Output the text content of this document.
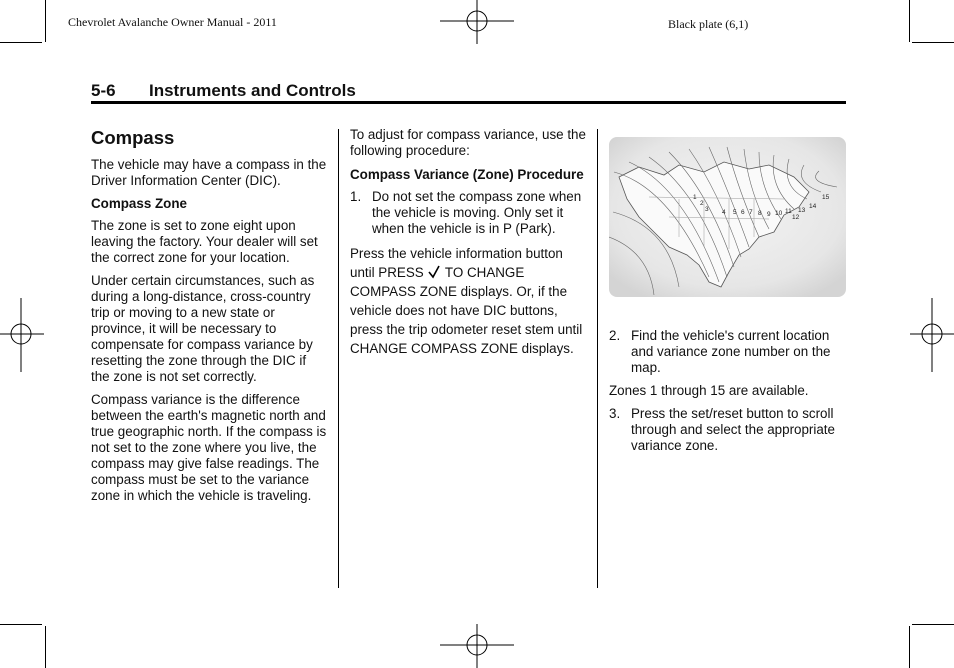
Chevrolet Avalanche Owner Manual - 2011	Black plate (6,1)
5-6 Instruments and Controls
Compass

The vehicle may have a compass in the Driver Information Center (DIC).

Compass Zone

The zone is set to zone eight upon leaving the factory. Your dealer will set the correct zone for your location.

Under certain circumstances, such as during a long-distance, cross-country trip or moving to a new state or province, it will be necessary to compensate for compass variance by resetting the zone through the DIC if the zone is not set correctly.

Compass variance is the difference between the earth's magnetic north and true geographic north. If the compass is not set to the zone where you live, the compass may give false readings. The compass must be set to the variance zone in which the vehicle is traveling.

To adjust for compass variance, use the following procedure:

Compass Variance (Zone) Procedure
1. Do not set the compass zone when the vehicle is moving. Only set it when the vehicle is in P (Park).

Press the vehicle information button until PRESS TO CHANGE COMPASS ZONE displays. Or, if the vehicle does not have DIC buttons, press the trip odometer reset stem until CHANGE COMPASS ZONE displays.

1
2
3 4 5 6 7 8 9 10 11
12
13
14
15
2. Find the vehicle's current location and variance zone number on the map.

Zones 1 through 15 are available.

3. Press the set/reset button to scroll through and select the appropriate variance zone.
